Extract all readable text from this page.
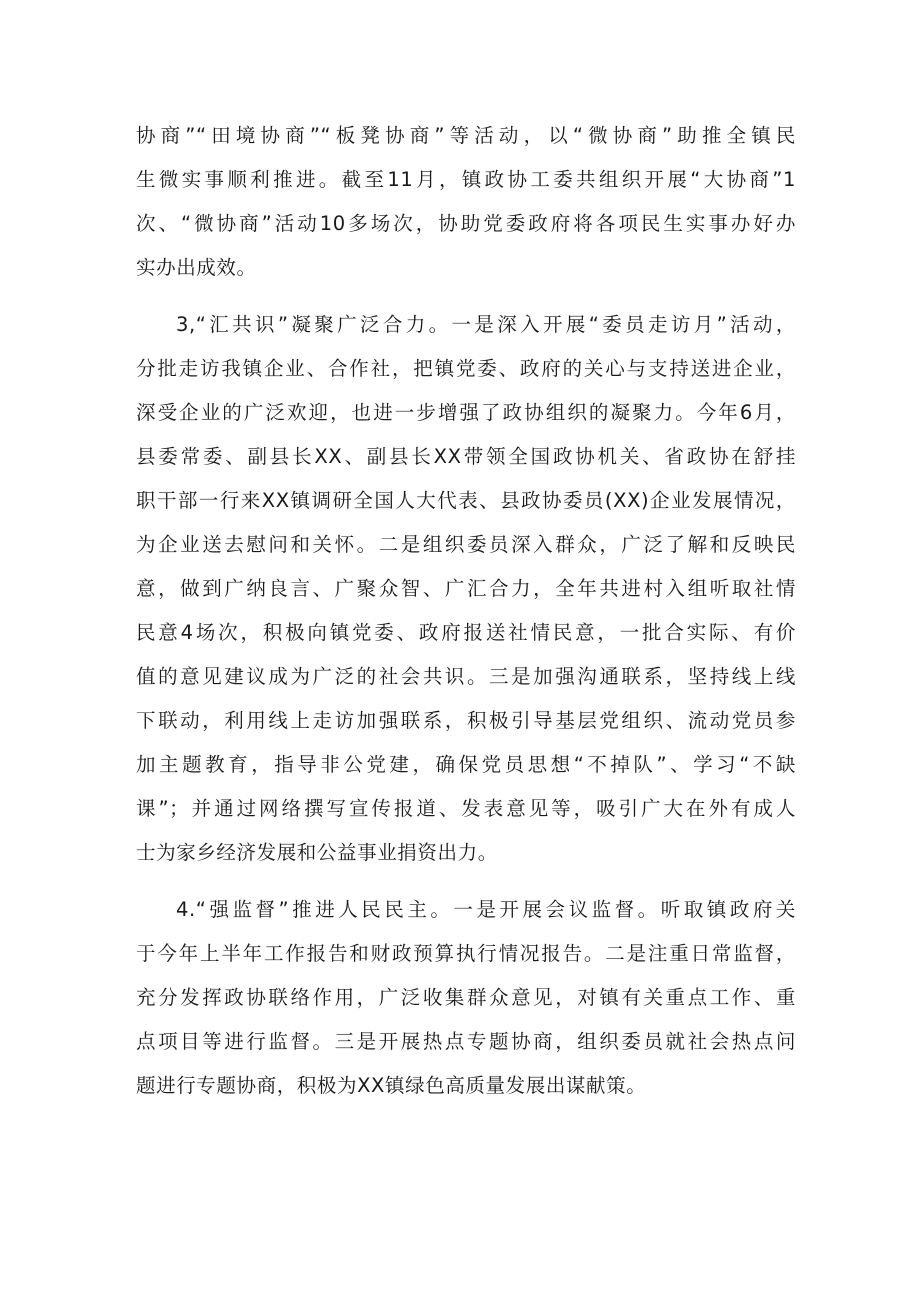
协商”“田境协商”“板凳协商”等活动，以“微协商”助推全镇民
生微实事顺利推进。截至11月，镇政协工委共组织开展“大协商”1
次、“微协商”活动10多场次，协助党委政府将各项民生实事办好办
实办出成效。
3,“汇共识”凝聚广泛合力。一是深入开展“委员走访月”活动，
分批走访我镇企业、合作社，把镇党委、政府的关心与支持送进企业，
深受企业的广泛欢迎，也进一步增强了政协组织的凝聚力。今年6月，
县委常委、副县长XX、副县长XX带领全国政协机关、省政协在舒挂
职干部一行来XX镇调研全国人大代表、县政协委员(XX)企业发展情况，
为企业送去慰问和关怀。二是组织委员深入群众，广泛了解和反映民
意，做到广纳良言、广聚众智、广汇合力，全年共进村入组听取社情
民意4场次，积极向镇党委、政府报送社情民意，一批合实际、有价
值的意见建议成为广泛的社会共识。三是加强沟通联系，坚持线上线
下联动，利用线上走访加强联系，积极引导基层党组织、流动党员参
加主题教育，指导非公党建，确保党员思想“不掉队”、学习“不缺
课”；并通过网络撰写宣传报道、发表意见等，吸引广大在外有成人
士为家乡经济发展和公益事业捐资出力。
4.“强监督”推进人民民主。一是开展会议监督。听取镇政府关
于今年上半年工作报告和财政预算执行情况报告。二是注重日常监督，
充分发挥政协联络作用，广泛收集群众意见，对镇有关重点工作、重
点项目等进行监督。三是开展热点专题协商，组织委员就社会热点问
题进行专题协商，积极为XX镇绿色高质量发展出谋献策。
